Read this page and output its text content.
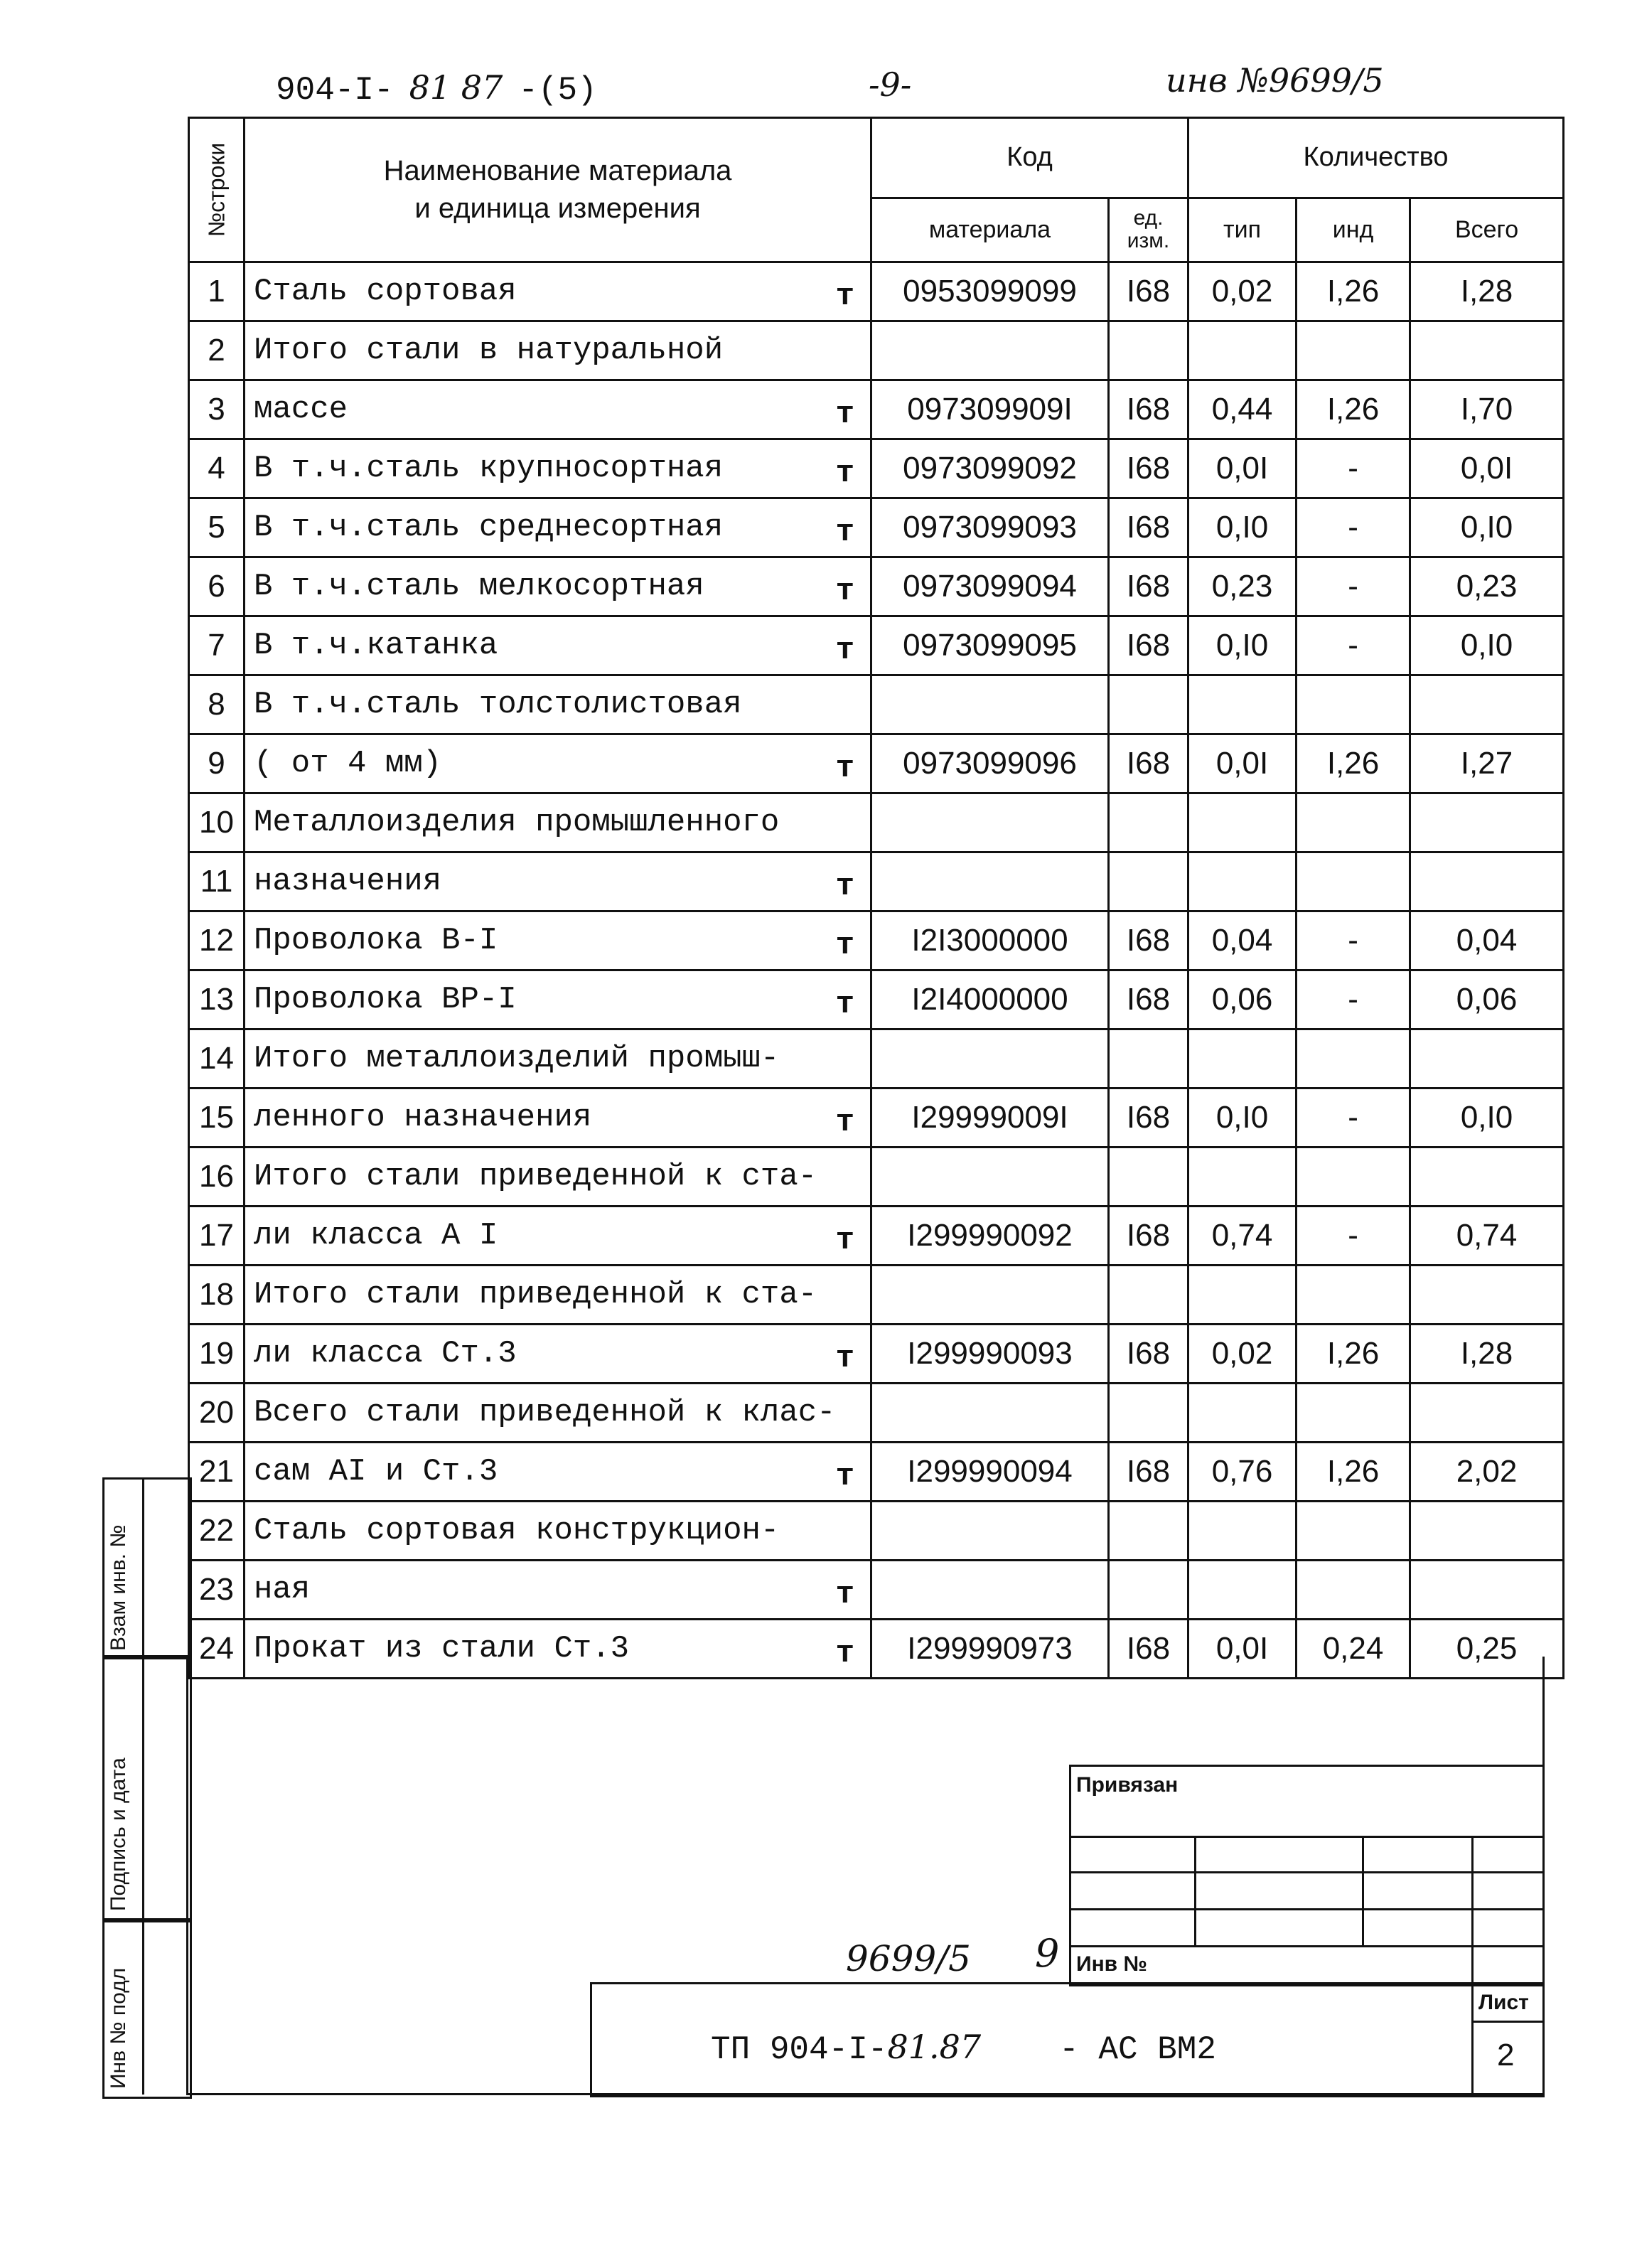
904-I- 81 87 -(5)	-9-	инв №9699/5
№строки	Наименование материала
и единица измерения	Код		Количество		
		материала	ед. изм.	тип	инд	Всего
1	Сталь сортовая т	0953099099	I68	0,02	I,26	I,28
2	Итого стали в натуральной

3	массе т	097309909I	I68	0,44	I,26	I,70
4	В т.ч.сталь крупносортная т	0973099092	I68	0,0I	-	0,0I
5	В т.ч.сталь среднесортная т	0973099093	I68	0,I0	-	0,I0
6	В т.ч.сталь мелкосортная т	0973099094	I68	0,23	-	0,23
7	В т.ч.катанка т	0973099095	I68	0,I0	-	0,I0
8	В т.ч.сталь толстолистовая

9	( от 4 мм) т	0973099096	I68	0,0I	I,26	I,27
10	Металлоизделия промышленного

11	назначения т					

12	Проволока В-I т	I2I3000000	I68	0,04	-	0,04
13	Проволока ВР-I т	I2I4000000	I68	0,06	-	0,06
14	Итого металлоизделий промыш-

15	ленного назначения т	I29999009I	I68	0,I0	-	0,I0
16	Итого стали приведенной к ста-

17	ли класса А I т	I299990092	I68	0,74	-	0,74
18	Итого стали приведенной к ста-

19	ли класса Ст.3 т	I299990093	I68	0,02	I,26	I,28
20	Всего стали приведенной к клас-

21	сам АI и Ст.3 т	I299990094	I68	0,76	I,26	2,02
22	Сталь сортовая конструкцион-

23	ная т					

24	Прокат из стали Ст.3 т	I299990973	I68	0,0I	0,24	0,25
Взам инв. №
Подпись и дата
Инв № подл
Привязан
Инв №
9699/5 9
ТП 904-I-81.87 - АС ВМ2
Лист
2
